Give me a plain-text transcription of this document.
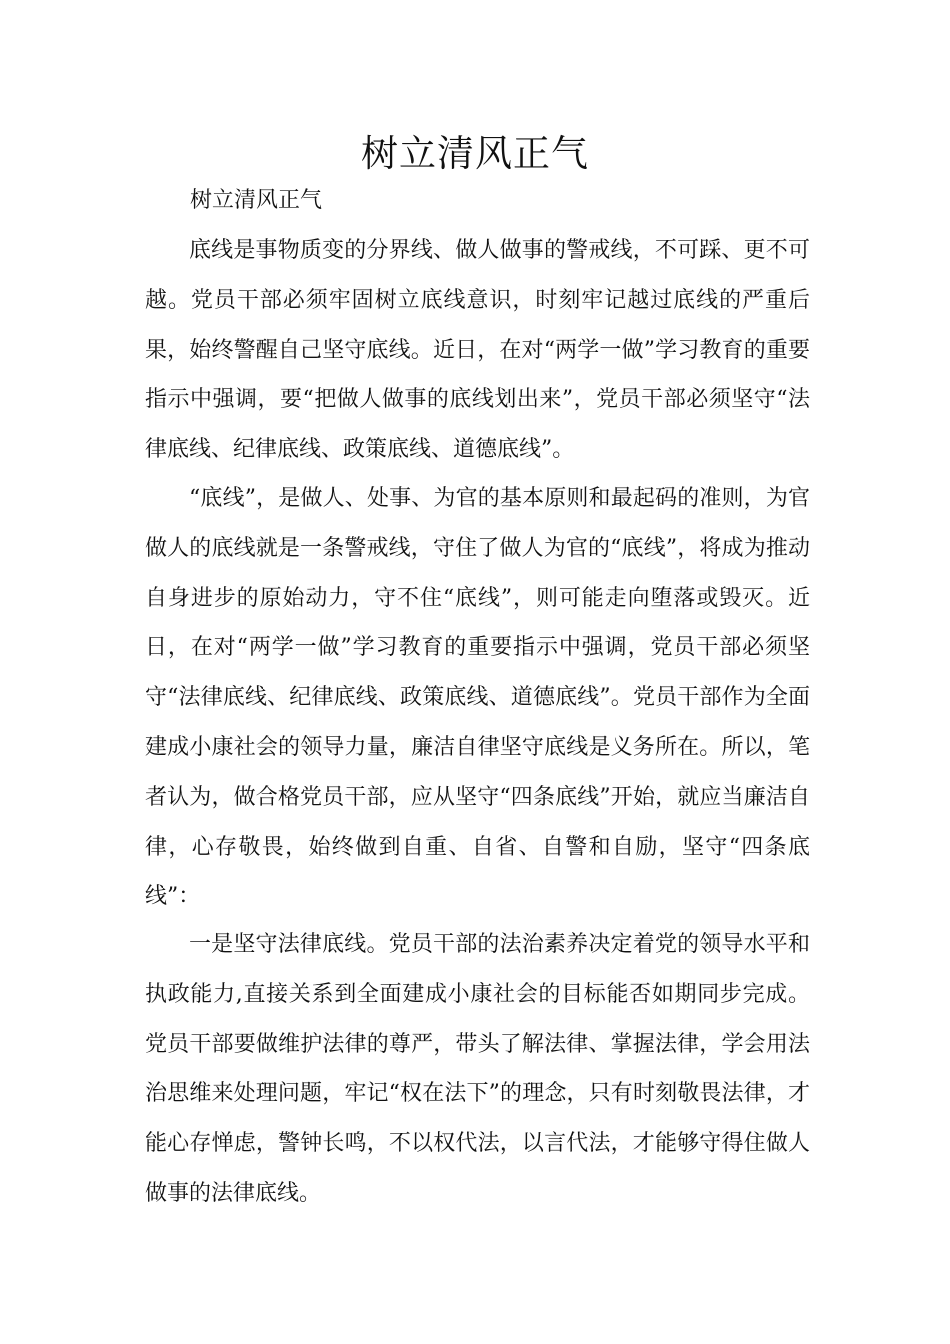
树立清风正气

树立清风正气

底线是事物质变的分界线、做人做事的警戒线，不可踩、更不可越。党员干部必须牢固树立底线意识，时刻牢记越过底线的严重后果，始终警醒自己坚守底线。近日，在对“两学一做”学习教育的重要指示中强调，要“把做人做事的底线划出来”，党员干部必须坚守“法律底线、纪律底线、政策底线、道德底线”。

“底线”，是做人、处事、为官的基本原则和最起码的准则，为官做人的底线就是一条警戒线，守住了做人为官的“底线”，将成为推动自身进步的原始动力，守不住“底线”，则可能走向堕落或毁灭。近日，在对“两学一做”学习教育的重要指示中强调，党员干部必须坚守“法律底线、纪律底线、政策底线、道德底线”。党员干部作为全面建成小康社会的领导力量，廉洁自律坚守底线是义务所在。所以，笔者认为，做合格党员干部，应从坚守“四条底线”开始，就应当廉洁自律，心存敬畏，始终做到自重、自省、自警和自励，坚守“四条底线”：

一是坚守法律底线。党员干部的法治素养决定着党的领导水平和执政能力,直接关系到全面建成小康社会的目标能否如期同步完成。党员干部要做维护法律的尊严，带头了解法律、掌握法律，学会用法治思维来处理问题，牢记“权在法下”的理念，只有时刻敬畏法律，才能心存惮虑，警钟长鸣，不以权代法，以言代法，才能够守得住做人做事的法律底线。
